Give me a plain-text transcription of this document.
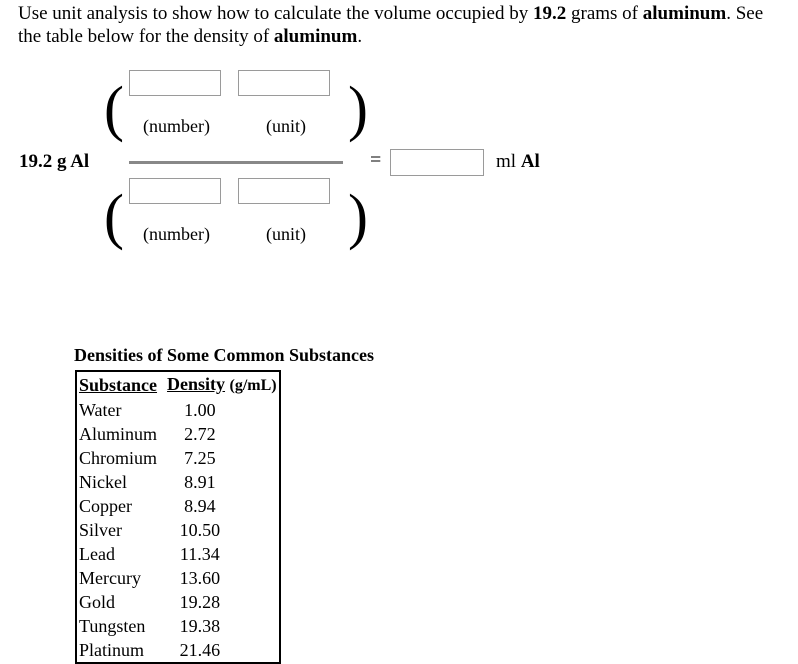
Use unit analysis to show how to calculate the volume occupied by 19.2 grams of aluminum. See
the table below for the density of aluminum.
19.2 g Al
(	)
(number)	(unit)
(	)
(number)	(unit)
=	ml Al
Densities of Some Common Substances
Substance	Density (g/mL)
Water	1.00
Aluminum	2.72
Chromium	7.25
Nickel	8.91
Copper	8.94
Silver	10.50
Lead	11.34
Mercury	13.60
Gold	19.28
Tungsten	19.38
Platinum	21.46
